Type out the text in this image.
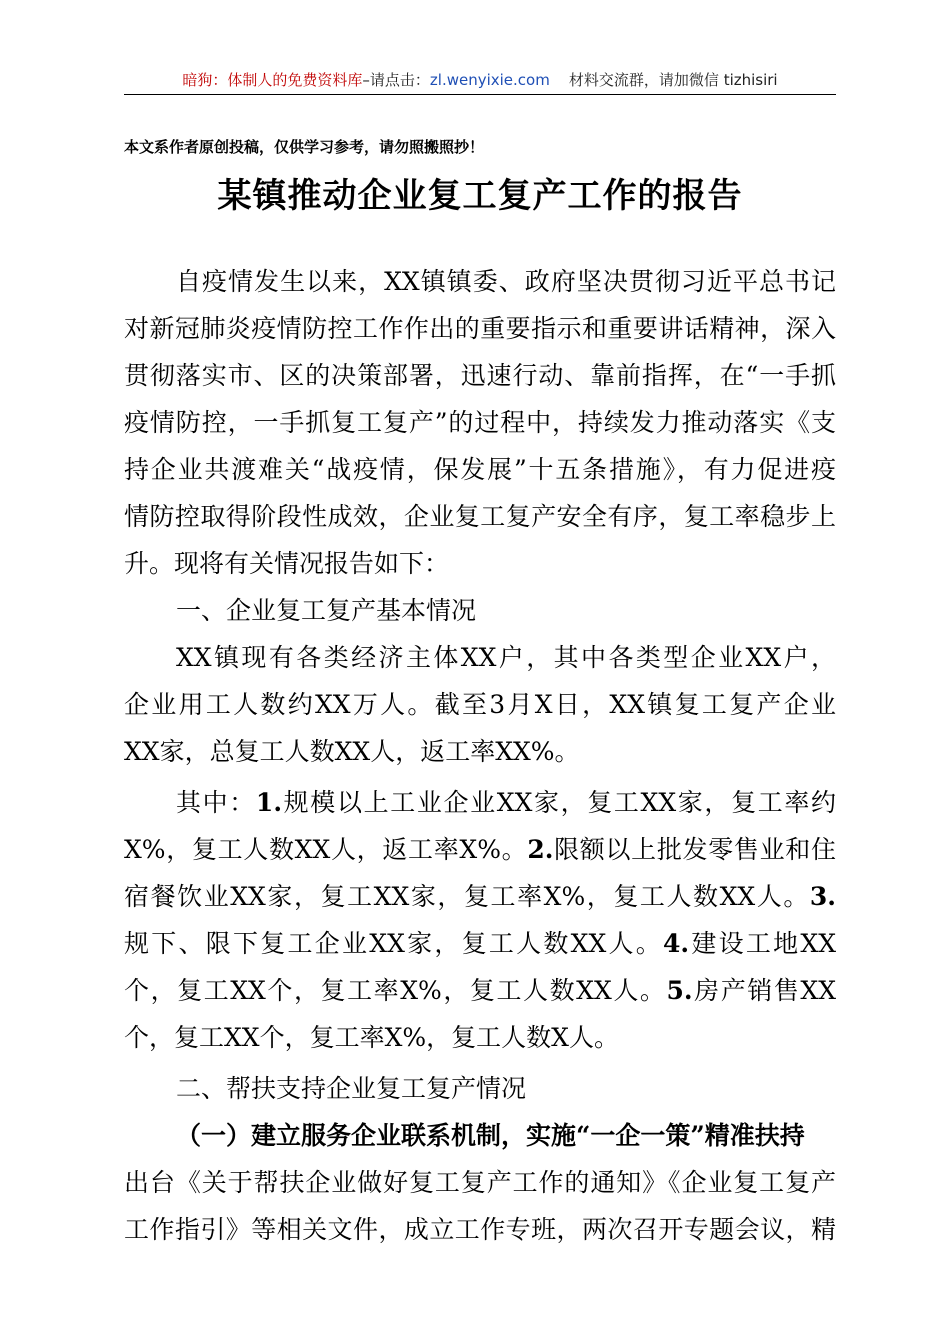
暗狗：体制人的免费资料库–请点击：zl.wenyixie.com 材料交流群，请加微信 tizhisiri
本文系作者原创投稿，仅供学习参考，请勿照搬照抄！
某镇推动企业复工复产工作的报告
自疫情发生以来，XX镇镇委、政府坚决贯彻习近平总书记
对新冠肺炎疫情防控工作作出的重要指示和重要讲话精神，深入
贯彻落实市、区的决策部署，迅速行动、靠前指挥，在“一手抓
疫情防控，一手抓复工复产”的过程中，持续发力推动落实《支
持企业共渡难关“战疫情，保发展”十五条措施》，有力促进疫
情防控取得阶段性成效，企业复工复产安全有序，复工率稳步上
升。现将有关情况报告如下：
一、企业复工复产基本情况
XX镇现有各类经济主体XX户，其中各类型企业XX户，
企业用工人数约XX万人。截至3月X日，XX镇复工复产企业
XX家，总复工人数XX人，返工率XX%。
其中：1.规模以上工业企业XX家，复工XX家，复工率约
X%，复工人数XX人，返工率X%。2.限额以上批发零售业和住
宿餐饮业XX家，复工XX家，复工率X%，复工人数XX人。3.
规下、限下复工企业XX家，复工人数XX人。4.建设工地XX
个，复工XX个，复工率X%，复工人数XX人。5.房产销售XX
个，复工XX个，复工率X%，复工人数X人。
二、帮扶支持企业复工复产情况
（一）建立服务企业联系机制，实施“一企一策”精准扶持
出台《关于帮扶企业做好复工复产工作的通知》《企业复工复产
工作指引》等相关文件，成立工作专班，两次召开专题会议，精
